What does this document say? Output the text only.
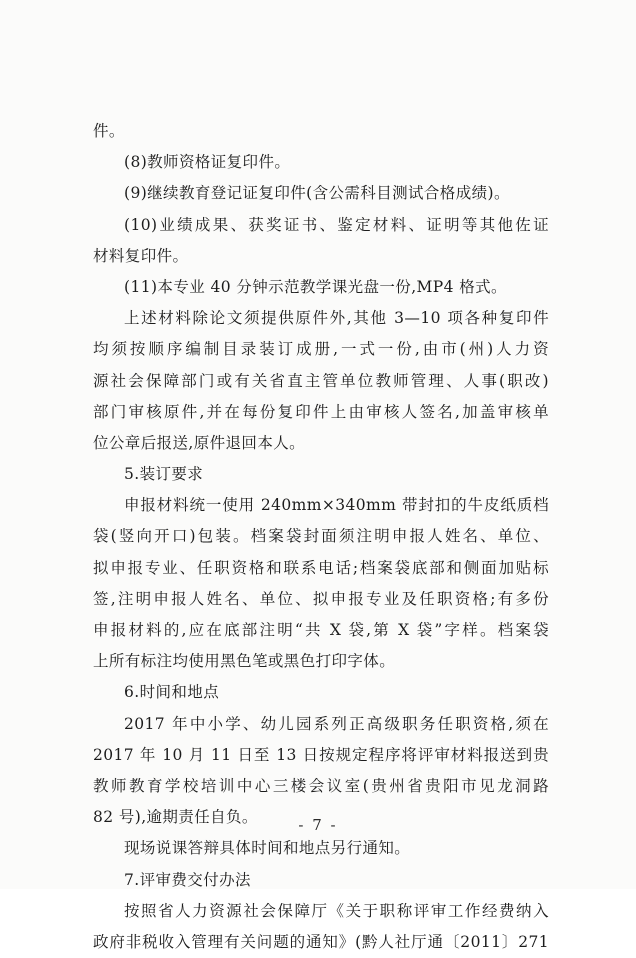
件。
(8)教师资格证复印件。
(9)继续教育登记证复印件(含公需科目测试合格成绩)。
(10)业绩成果、获奖证书、鉴定材料、证明等其他佐证
材料复印件。
(11)本专业 40 分钟示范教学课光盘一份,MP4 格式。
上述材料除论文须提供原件外,其他 3—10 项各种复印件
均须按顺序编制目录装订成册,一式一份,由市(州)人力资
源社会保障部门或有关省直主管单位教师管理、人事(职改)
部门审核原件,并在每份复印件上由审核人签名,加盖审核单
位公章后报送,原件退回本人。
5.装订要求
申报材料统一使用 240mm×340mm 带封扣的牛皮纸质档
袋(竖向开口)包装。档案袋封面须注明申报人姓名、单位、
拟申报专业、任职资格和联系电话;档案袋底部和侧面加贴标
签,注明申报人姓名、单位、拟申报专业及任职资格;有多份
申报材料的,应在底部注明“共 X 袋,第 X 袋”字样。档案袋
上所有标注均使用黑色笔或黑色打印字体。
6.时间和地点
2017 年中小学、幼儿园系列正高级职务任职资格,须在
2017 年 10 月 11 日至 13 日按规定程序将评审材料报送到贵
教师教育学校培训中心三楼会议室(贵州省贵阳市见龙洞路
82 号),逾期责任自负。
现场说课答辩具体时间和地点另行通知。
7.评审费交付办法
按照省人力资源社会保障厅《关于职称评审工作经费纳入
政府非税收入管理有关问题的通知》(黔人社厅通〔2011〕271
- 7 -
